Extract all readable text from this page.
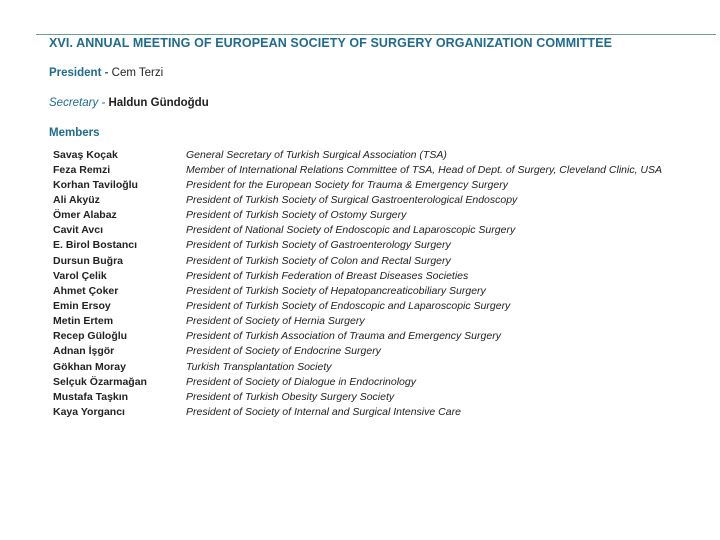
XVI. ANNUAL MEETING OF EUROPEAN SOCIETY OF SURGERY ORGANIZATION COMMITTEE
President - Cem Terzi
Secretary - Haldun Gündoğdu
Members
Savaş Koçak	General Secretary of Turkish Surgical Association (TSA)
Feza Remzi	Member of International Relations Committee of TSA, Head of Dept. of Surgery, Cleveland Clinic, USA
Korhan Taviloğlu	President for the European Society for Trauma & Emergency Surgery
Ali Akyüz	President of Turkish Society of Surgical Gastroenterological Endoscopy
Ömer Alabaz	President of Turkish Society of Ostomy Surgery
Cavit Avcı	President of National Society of Endoscopic and Laparoscopic Surgery
E. Birol Bostancı	President of Turkish Society of Gastroenterology Surgery
Dursun Buğra	President of Turkish Society of Colon and Rectal Surgery
Varol Çelik	President of Turkish Federation of Breast Diseases Societies
Ahmet Çoker	President of Turkish Society of Hepatopancreaticobiliary Surgery
Emin Ersoy	President of Turkish Society of Endoscopic and Laparoscopic Surgery
Metin Ertem	President of Society of Hernia Surgery
Recep Güloğlu	President of Turkish Association of Trauma and Emergency Surgery
Adnan İşgör	President of Society of Endocrine Surgery
Gökhan Moray	Turkish Transplantation Society
Selçuk Özarmağan	President of Society of Dialogue in Endocrinology
Mustafa Taşkın	President of Turkish Obesity Surgery Society
Kaya Yorgancı	President of Society of Internal and Surgical Intensive Care
